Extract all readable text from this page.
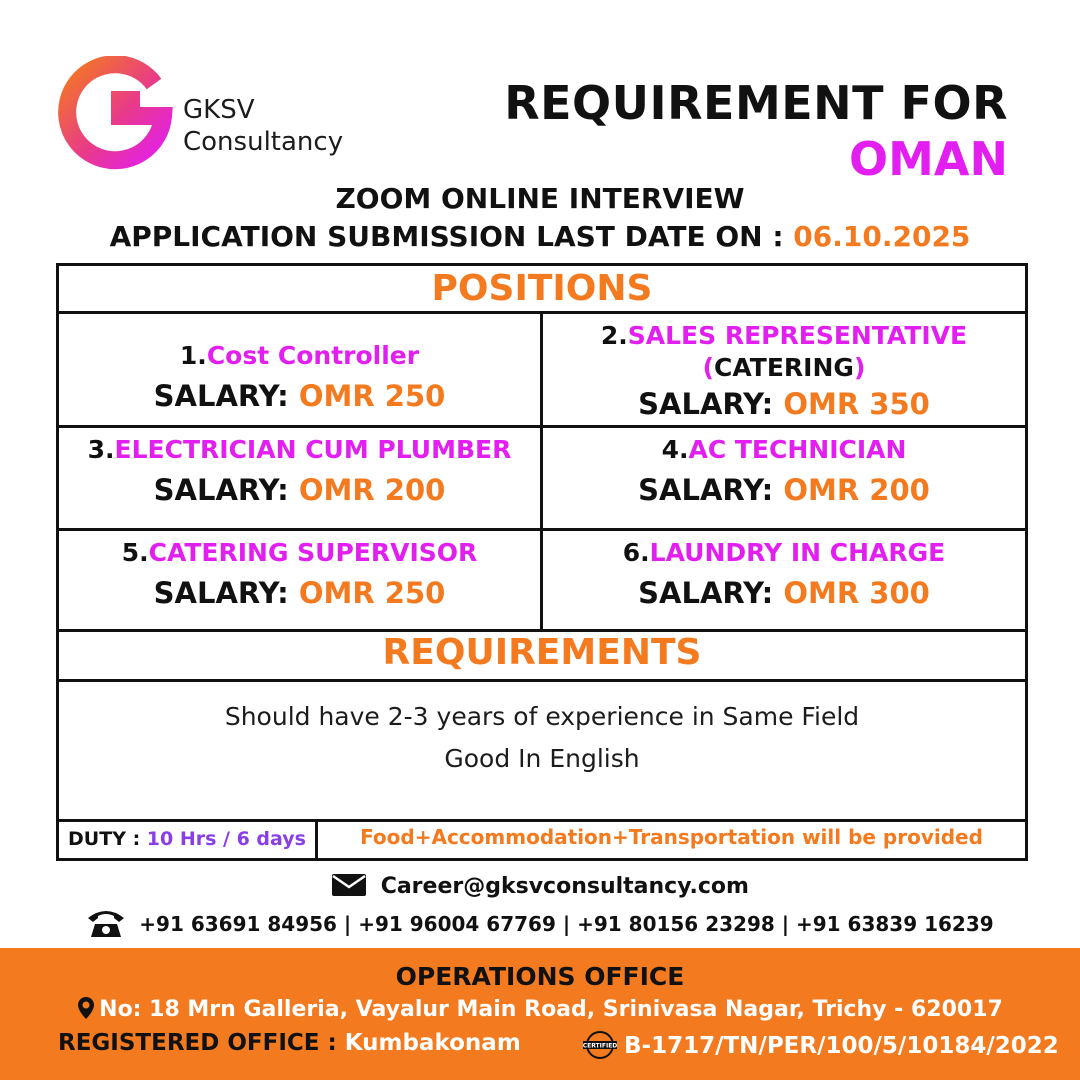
GKSV
Consultancy
REQUIREMENT FOR
OMAN
ZOOM ONLINE INTERVIEW
APPLICATION SUBMISSION LAST DATE ON : 06.10.2025
POSITIONS
1.Cost Controller
SALARY: OMR 250
2.SALES REPRESENTATIVE
(CATERING)
SALARY: OMR 350
3.ELECTRICIAN CUM PLUMBER
SALARY: OMR 200
4.AC TECHNICIAN
SALARY: OMR 200
5.CATERING SUPERVISOR
SALARY: OMR 250
6.LAUNDRY IN CHARGE
SALARY: OMR 300
REQUIREMENTS
Should have 2-3 years of experience in Same Field
Good In English
DUTY : 10 Hrs / 6 days	Food+Accommodation+Transportation will be provided
Career@gksvconsultancy.com
+91 63691 84956 | +91 96004 67769 | +91 80156 23298 | +91 63839 16239
OPERATIONS OFFICE
No: 18 Mrn Galleria, Vayalur Main Road, Srinivasa Nagar, Trichy - 620017
REGISTERED OFFICE : Kumbakonam	CERTIFIED B-1717/TN/PER/100/5/10184/2022
